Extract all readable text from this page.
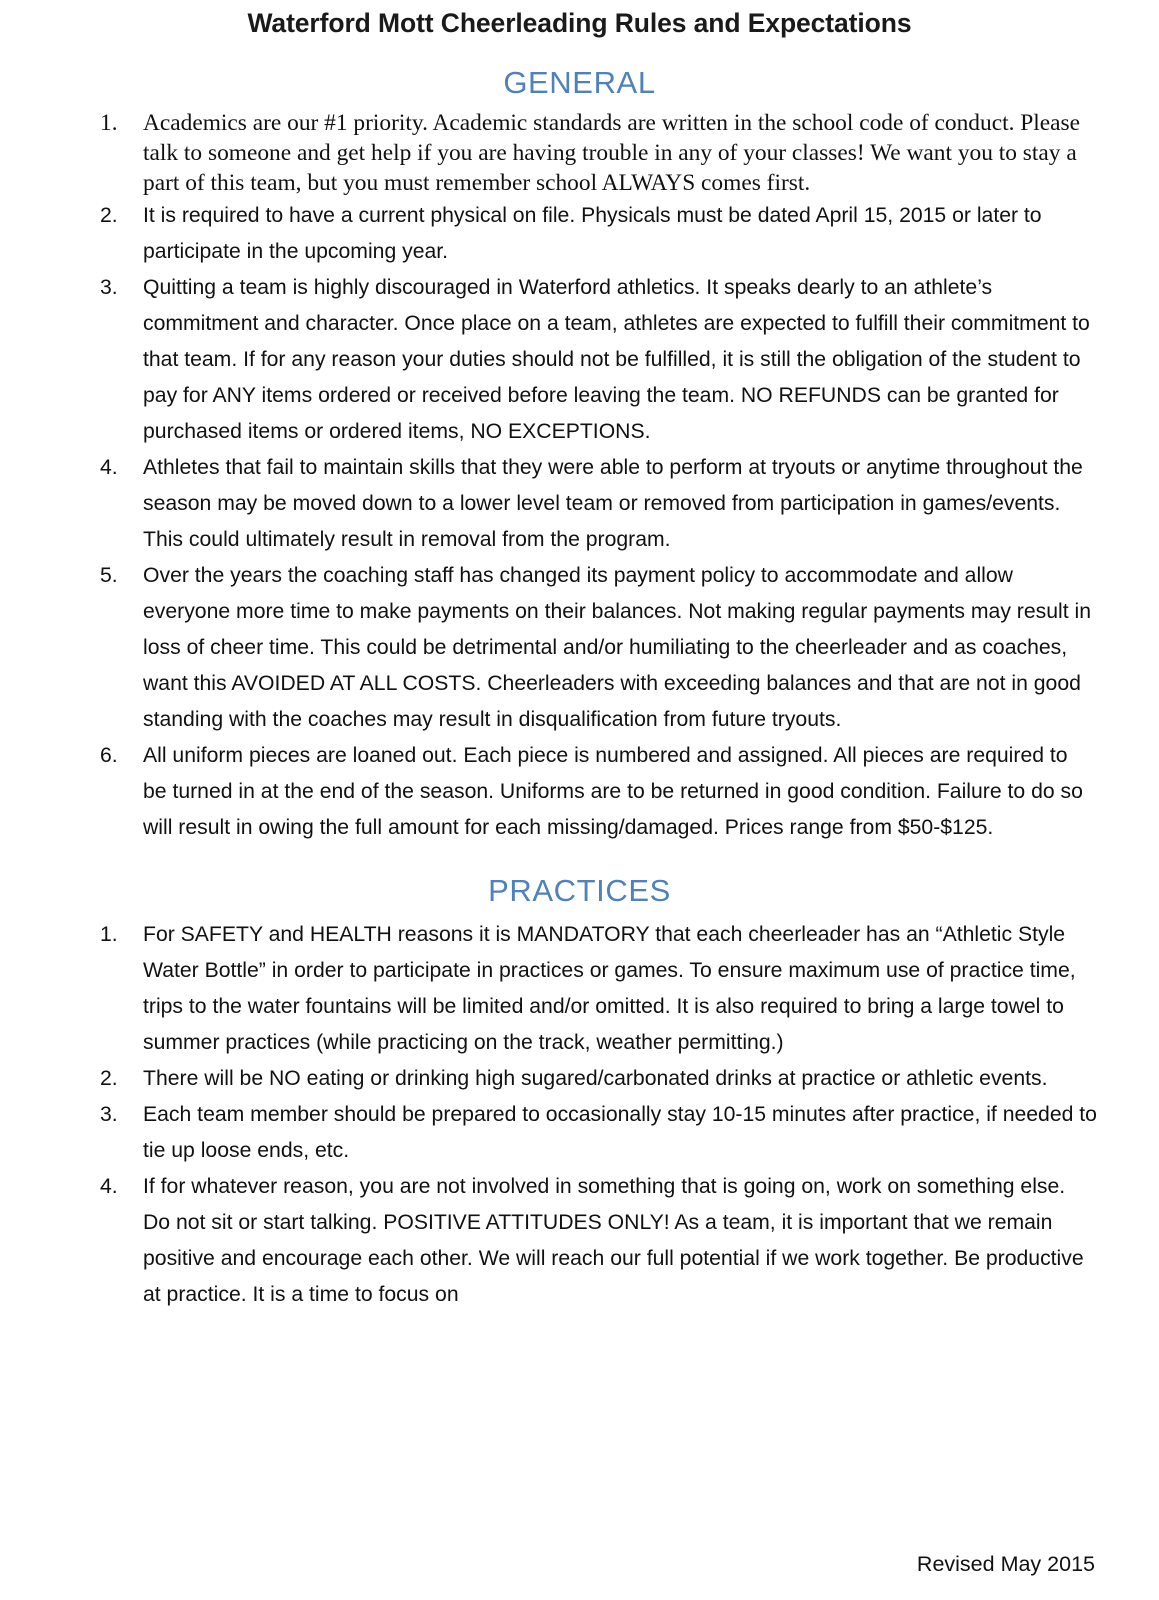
Waterford Mott Cheerleading Rules and Expectations
GENERAL
1.	Academics are our #1 priority. Academic standards are written in the school code of conduct. Please talk to someone and get help if you are having trouble in any of your classes! We want you to stay a part of this team, but you must remember school ALWAYS comes first.
2.	It is required to have a current physical on file. Physicals must be dated April 15, 2015 or later to participate in the upcoming year.
3.	Quitting a team is highly discouraged in Waterford athletics. It speaks dearly to an athlete’s commitment and character. Once place on a team, athletes are expected to fulfill their commitment to that team. If for any reason your duties should not be fulfilled, it is still the obligation of the student to pay for ANY items ordered or received before leaving the team. NO REFUNDS can be granted for purchased items or ordered items, NO EXCEPTIONS.
4.	Athletes that fail to maintain skills that they were able to perform at tryouts or anytime throughout the season may be moved down to a lower level team or removed from participation in games/events. This could ultimately result in removal from the program.
5.	Over the years the coaching staff has changed its payment policy to accommodate and allow everyone more time to make payments on their balances. Not making regular payments may result in loss of cheer time. This could be detrimental and/or humiliating to the cheerleader and as coaches, want this AVOIDED AT ALL COSTS. Cheerleaders with exceeding balances and that are not in good standing with the coaches may result in disqualification from future tryouts.
6.	All uniform pieces are loaned out. Each piece is numbered and assigned. All pieces are required to be turned in at the end of the season. Uniforms are to be returned in good condition. Failure to do so will result in owing the full amount for each missing/damaged. Prices range from $50-$125.
PRACTICES
1.	For SAFETY and HEALTH reasons it is MANDATORY that each cheerleader has an “Athletic Style Water Bottle” in order to participate in practices or games. To ensure maximum use of practice time, trips to the water fountains will be limited and/or omitted. It is also required to bring a large towel to summer practices (while practicing on the track, weather permitting.)
2.	There will be NO eating or drinking high sugared/carbonated drinks at practice or athletic events.
3.	Each team member should be prepared to occasionally stay 10-15 minutes after practice, if needed to tie up loose ends, etc.
4.	If for whatever reason, you are not involved in something that is going on, work on something else. Do not sit or start talking. POSITIVE ATTITUDES ONLY! As a team, it is important that we remain positive and encourage each other. We will reach our full potential if we work together. Be productive at practice. It is a time to focus on
Revised May 2015
